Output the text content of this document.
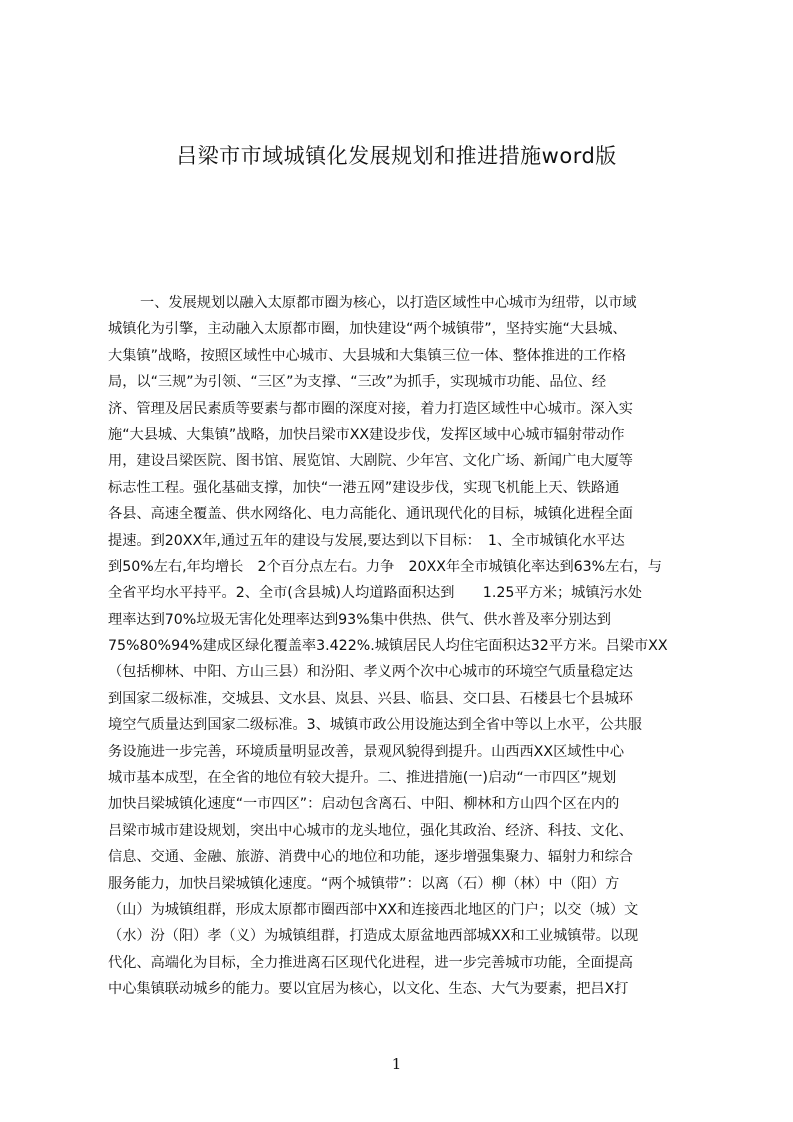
吕梁市市域城镇化发展规划和推进措施word版
一、发展规划以融入太原都市圈为核心，以打造区域性中心城市为纽带，以市域
城镇化为引擎，主动融入太原都市圈，加快建设“两个城镇带”，坚持实施“大县城、
大集镇”战略，按照区域性中心城市、大县城和大集镇三位一体、整体推进的工作格
局，以“三规”为引领、“三区”为支撑、“三改”为抓手，实现城市功能、品位、经
济、管理及居民素质等要素与都市圈的深度对接，着力打造区域性中心城市。深入实
施“大县城、大集镇”战略，加快吕梁市XX建设步伐，发挥区域中心城市辐射带动作
用，建设吕梁医院、图书馆、展览馆、大剧院、少年宫、文化广场、新闻广电大厦等
标志性工程。强化基础支撑，加快“一港五网”建设步伐，实现飞机能上天、铁路通
各县、高速全覆盖、供水网络化、电力高能化、通讯现代化的目标，城镇化进程全面
提速。到20XX年,通过五年的建设与发展,要达到以下目标：　1、全市城镇化水平达
到50%左右,年均增长　2个百分点左右。力争　20XX年全市城镇化率达到63%左右，与
全省平均水平持平。2、全市(含县城)人均道路面积达到　　1.25平方米；城镇污水处
理率达到70%垃圾无害化处理率达到93%集中供热、供气、供水普及率分别达到
75%80%94%建成区绿化覆盖率3.422%.城镇居民人均住宅面积达32平方米。吕梁市XX
（包括柳林、中阳、方山三县）和汾阳、孝义两个次中心城市的环境空气质量稳定达
到国家二级标准，交城县、文水县、岚县、兴县、临县、交口县、石楼县七个县城环
境空气质量达到国家二级标准。3、城镇市政公用设施达到全省中等以上水平，公共服
务设施进一步完善，环境质量明显改善，景观风貌得到提升。山西西XX区域性中心
城市基本成型，在全省的地位有较大提升。二、推进措施(一)启动“一市四区”规划
加快吕梁城镇化速度“一市四区”：启动包含离石、中阳、柳林和方山四个区在内的
吕梁市城市建设规划，突出中心城市的龙头地位，强化其政治、经济、科技、文化、
信息、交通、金融、旅游、消费中心的地位和功能，逐步增强集聚力、辐射力和综合
服务能力，加快吕梁城镇化速度。“两个城镇带”：以离（石）柳（林）中（阳）方
（山）为城镇组群，形成太原都市圈西部中XX和连接西北地区的门户；以交（城）文
（水）汾（阳）孝（义）为城镇组群，打造成太原盆地西部城XX和工业城镇带。以现
代化、高端化为目标，全力推进离石区现代化进程，进一步完善城市功能，全面提高
中心集镇联动城乡的能力。要以宜居为核心，以文化、生态、大气为要素，把吕X打
1
